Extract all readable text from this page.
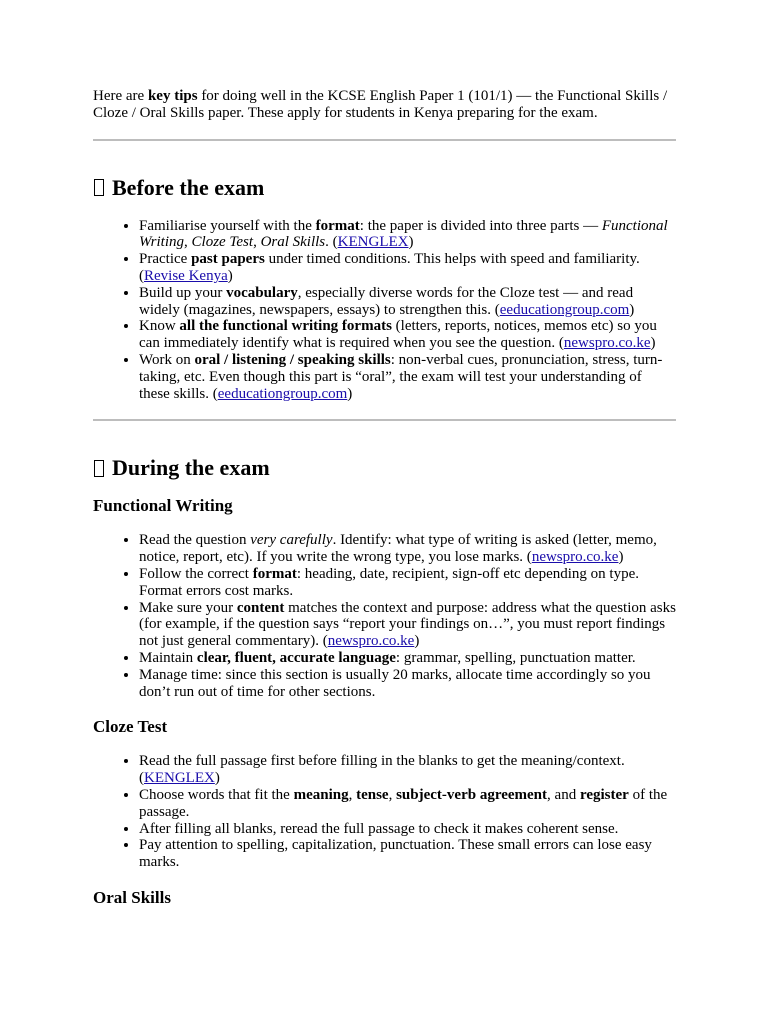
Here are key tips for doing well in the KCSE English Paper 1 (101/1) — the Functional Skills / Cloze / Oral Skills paper. These apply for students in Kenya preparing for the exam.

Before the exam
• Familiarise yourself with the format: the paper is divided into three parts — Functional Writing, Cloze Test, Oral Skills. (KENGLEX)
• Practice past papers under timed conditions. This helps with speed and familiarity. (Revise Kenya)
• Build up your vocabulary, especially diverse words for the Cloze test — and read widely (magazines, newspapers, essays) to strengthen this. (eeducationgroup.com)
• Know all the functional writing formats (letters, reports, notices, memos etc) so you can immediately identify what is required when you see the question. (newspro.co.ke)
• Work on oral / listening / speaking skills: non-verbal cues, pronunciation, stress, turn-taking, etc. Even though this part is “oral”, the exam will test your understanding of these skills. (eeducationgroup.com)
During the exam
Functional Writing
• Read the question very carefully. Identify: what type of writing is asked (letter, memo, notice, report, etc). If you write the wrong type, you lose marks. (newspro.co.ke)
• Follow the correct format: heading, date, recipient, sign-off etc depending on type. Format errors cost marks.
• Make sure your content matches the context and purpose: address what the question asks (for example, if the question says “report your findings on…”, you must report findings not just general commentary). (newspro.co.ke)
• Maintain clear, fluent, accurate language: grammar, spelling, punctuation matter.
• Manage time: since this section is usually 20 marks, allocate time accordingly so you don’t run out of time for other sections.
Cloze Test
• Read the full passage first before filling in the blanks to get the meaning/context. (KENGLEX)
• Choose words that fit the meaning, tense, subject-verb agreement, and register of the passage.
• After filling all blanks, reread the full passage to check it makes coherent sense.
• Pay attention to spelling, capitalization, punctuation. These small errors can lose easy marks.
Oral Skills
